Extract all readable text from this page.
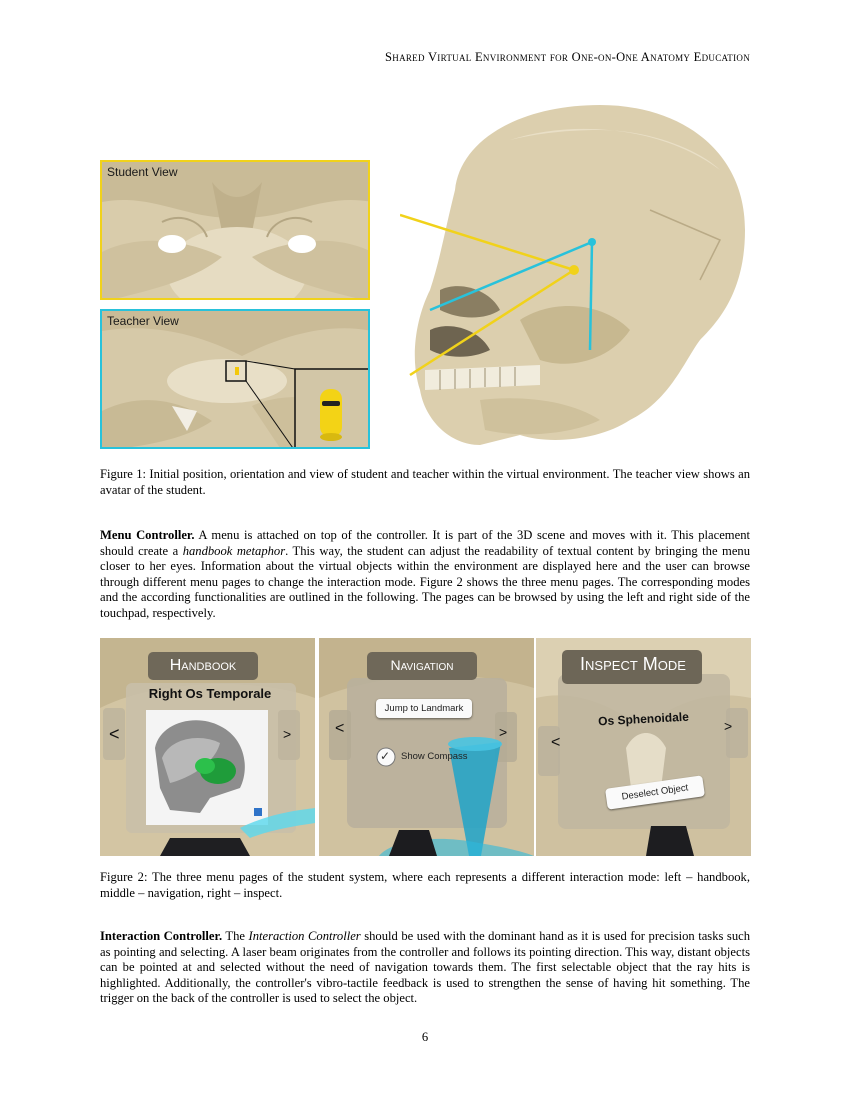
Shared Virtual Environment for One-on-One Anatomy Education
Student View
Teacher View
Figure 1: Initial position, orientation and view of student and teacher within the virtual environment. The teacher view shows an avatar of the student.
Menu Controller. A menu is attached on top of the controller. It is part of the 3D scene and moves with it. This placement should create a handbook metaphor. This way, the student can adjust the readability of textual content by bringing the menu closer to her eyes. Information about the virtual objects within the environment are displayed here and the user can browse through different menu pages to change the interaction mode. Figure 2 shows the three menu pages. The corresponding modes and the according functionalities are outlined in the following. The pages can be browsed by using the left and right side of the touchpad, respectively.
Handbook
Right Os Temporale
<	>
Navigation
Jump to Landmark
✓ Show Compass
<	>
Inspect Mode
Os Sphenoidale
Deselect Object
<
>
Figure 2: The three menu pages of the student system, where each represents a different interaction mode: left – handbook, middle – navigation, right – inspect.
Interaction Controller. The Interaction Controller should be used with the dominant hand as it is used for precision tasks such as pointing and selecting. A laser beam originates from the controller and follows its pointing direction. This way, distant objects can be pointed at and selected without the need of navigation towards them. The first selectable object that the ray hits is highlighted. Additionally, the controller's vibro-tactile feedback is used to strengthen the sense of having hit something. The trigger on the back of the controller is used to select the object.
6
